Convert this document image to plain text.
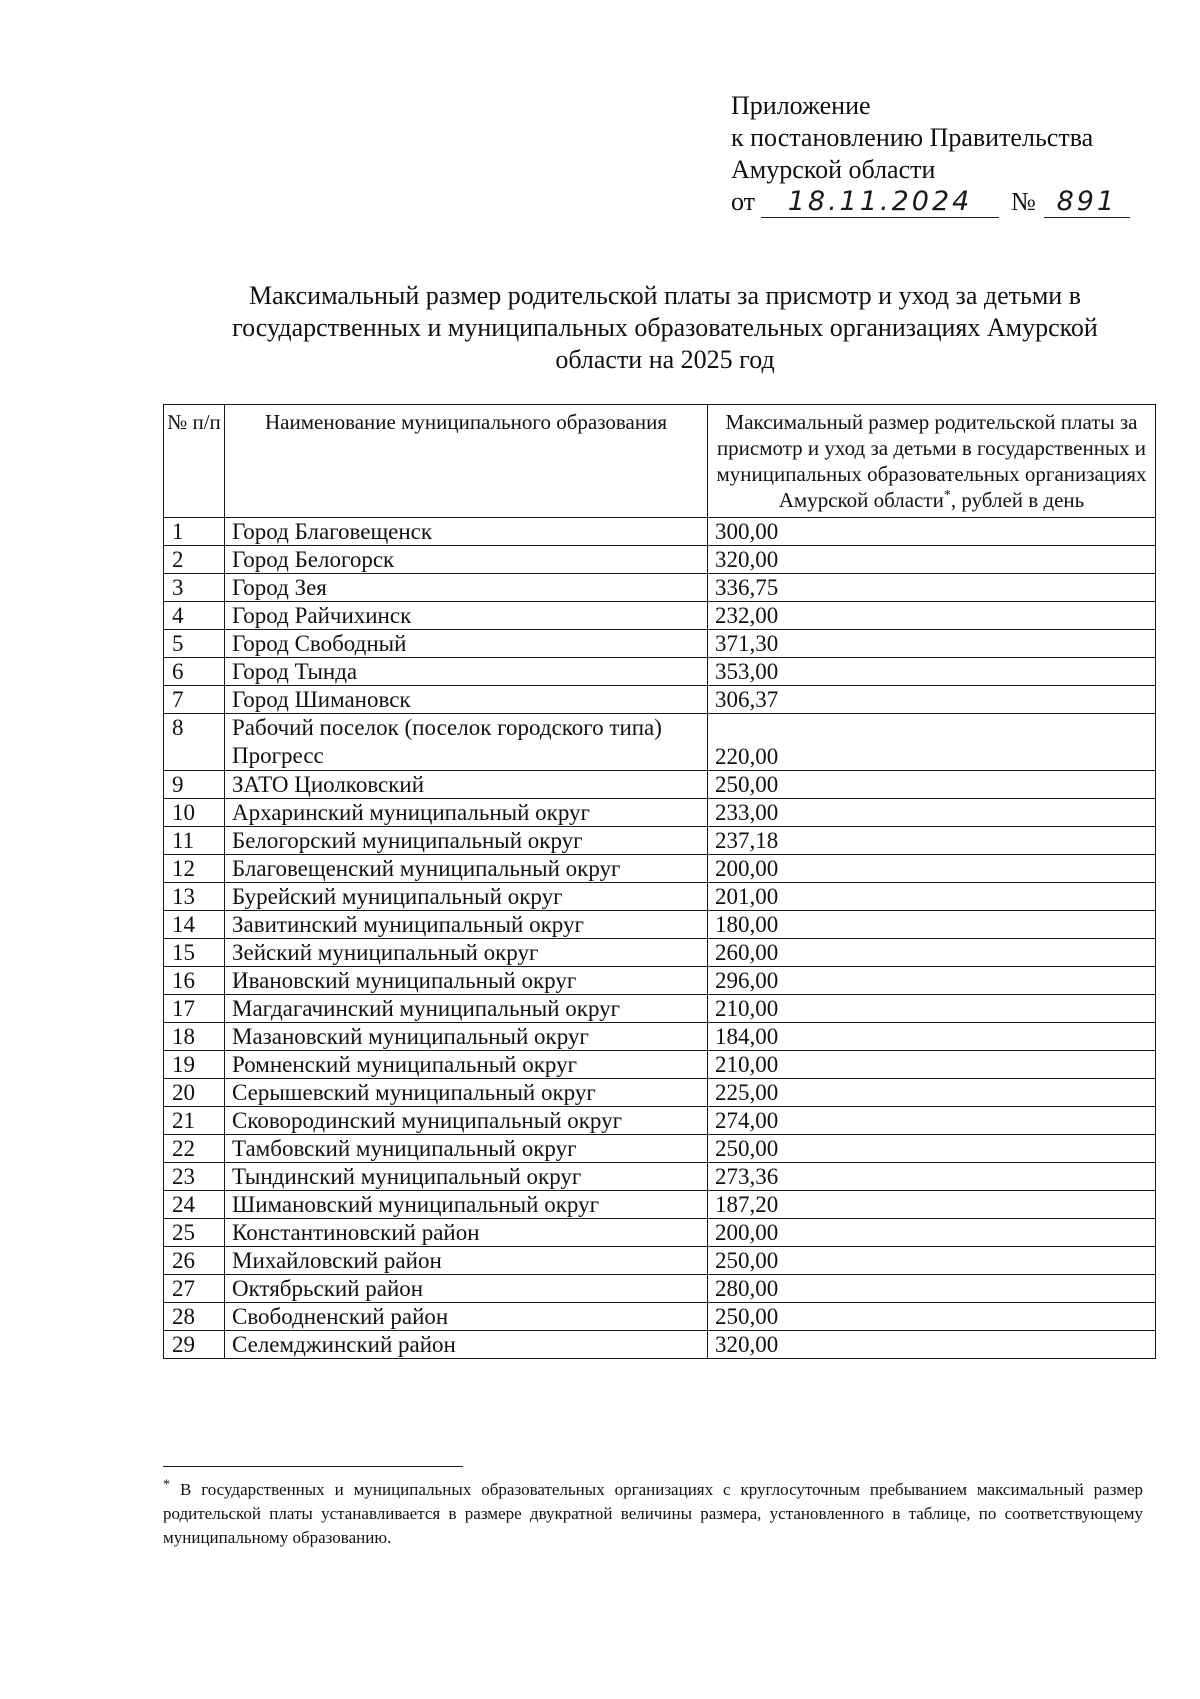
Приложение
к постановлению Правительства
Амурской области
от	18.11.2024	№ 891
Максимальный размер родительской платы за присмотр и уход за детьми в
государственных и муниципальных образовательных организациях Амурской
области на 2025 год
№ п/п	Наименование муниципального образования	Максимальный размер родительской платы за присмотр и уход за детьми в государственных и муниципальных образовательных организациях Амурской области*, рублей в день
1	Город Благовещенск	300,00
2	Город Белогорск	320,00
3	Город Зея	336,75
4	Город Райчихинск	232,00
5	Город Свободный	371,30
6	Город Тында	353,00
7	Город Шимановск	306,37
8	Рабочий поселок (поселок городского типа) Прогресс	220,00
9	ЗАТО Циолковский	250,00
10	Архаринский муниципальный округ	233,00
11	Белогорский муниципальный округ	237,18
12	Благовещенский муниципальный округ	200,00
13	Бурейский муниципальный округ	201,00
14	Завитинский муниципальный округ	180,00
15	Зейский муниципальный округ	260,00
16	Ивановский муниципальный округ	296,00
17	Магдагачинский муниципальный округ	210,00
18	Мазановский муниципальный округ	184,00
19	Ромненский муниципальный округ	210,00
20	Серышевский муниципальный округ	225,00
21	Сковородинский муниципальный округ	274,00
22	Тамбовский муниципальный округ	250,00
23	Тындинский муниципальный округ	273,36
24	Шимановский муниципальный округ	187,20
25	Константиновский район	200,00
26	Михайловский район	250,00
27	Октябрьский район	280,00
28	Свободненский район	250,00
29	Селемджинский район	320,00
* В государственных и муниципальных образовательных организациях с круглосуточным пребыванием максимальный размер родительской платы устанавливается в размере двукратной величины размера, установленного в таблице, по соответствующему муниципальному образованию.
